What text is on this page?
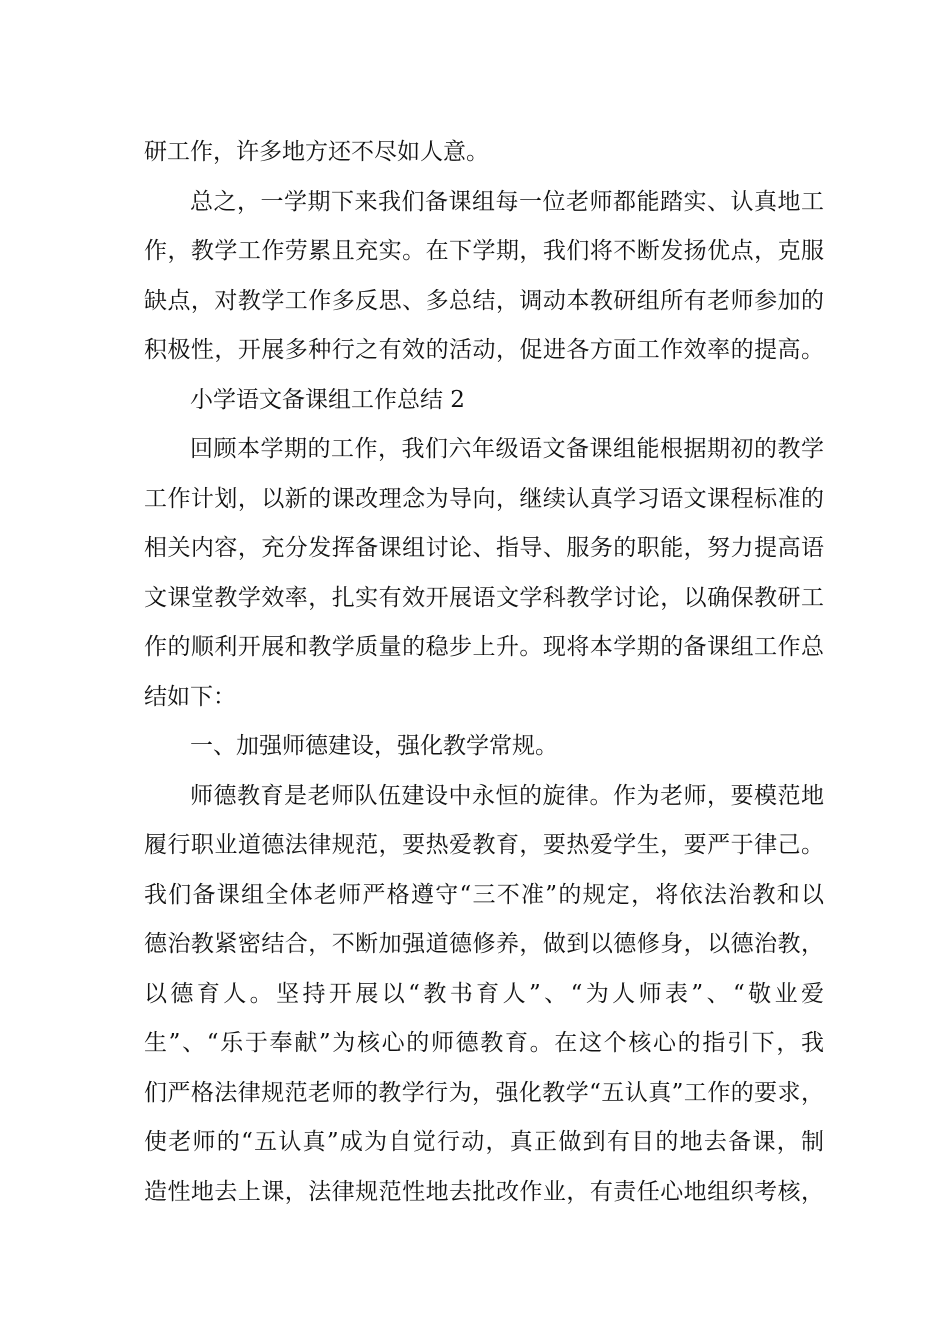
研工作，许多地方还不尽如人意。
总之，一学期下来我们备课组每一位老师都能踏实、认真地工
作，教学工作劳累且充实。在下学期，我们将不断发扬优点，克服
缺点，对教学工作多反思、多总结，调动本教研组所有老师参加的
积极性，开展多种行之有效的活动，促进各方面工作效率的提高。
小学语文备课组工作总结 2
回顾本学期的工作，我们六年级语文备课组能根据期初的教学
工作计划，以新的课改理念为导向，继续认真学习语文课程标准的
相关内容，充分发挥备课组讨论、指导、服务的职能，努力提高语
文课堂教学效率，扎实有效开展语文学科教学讨论，以确保教研工
作的顺利开展和教学质量的稳步上升。现将本学期的备课组工作总
结如下：
一、加强师德建设，强化教学常规。
师德教育是老师队伍建设中永恒的旋律。作为老师，要模范地
履行职业道德法律规范，要热爱教育，要热爱学生，要严于律己。
我们备课组全体老师严格遵守“三不准”的规定，将依法治教和以
德治教紧密结合，不断加强道德修养，做到以德修身，以德治教，
以德育人。坚持开展以“教书育人”、“为人师表”、“敬业爱
生”、“乐于奉献”为核心的师德教育。在这个核心的指引下，我
们严格法律规范老师的教学行为，强化教学“五认真”工作的要求，
使老师的“五认真”成为自觉行动，真正做到有目的地去备课，制
造性地去上课，法律规范性地去批改作业，有责任心地组织考核，
